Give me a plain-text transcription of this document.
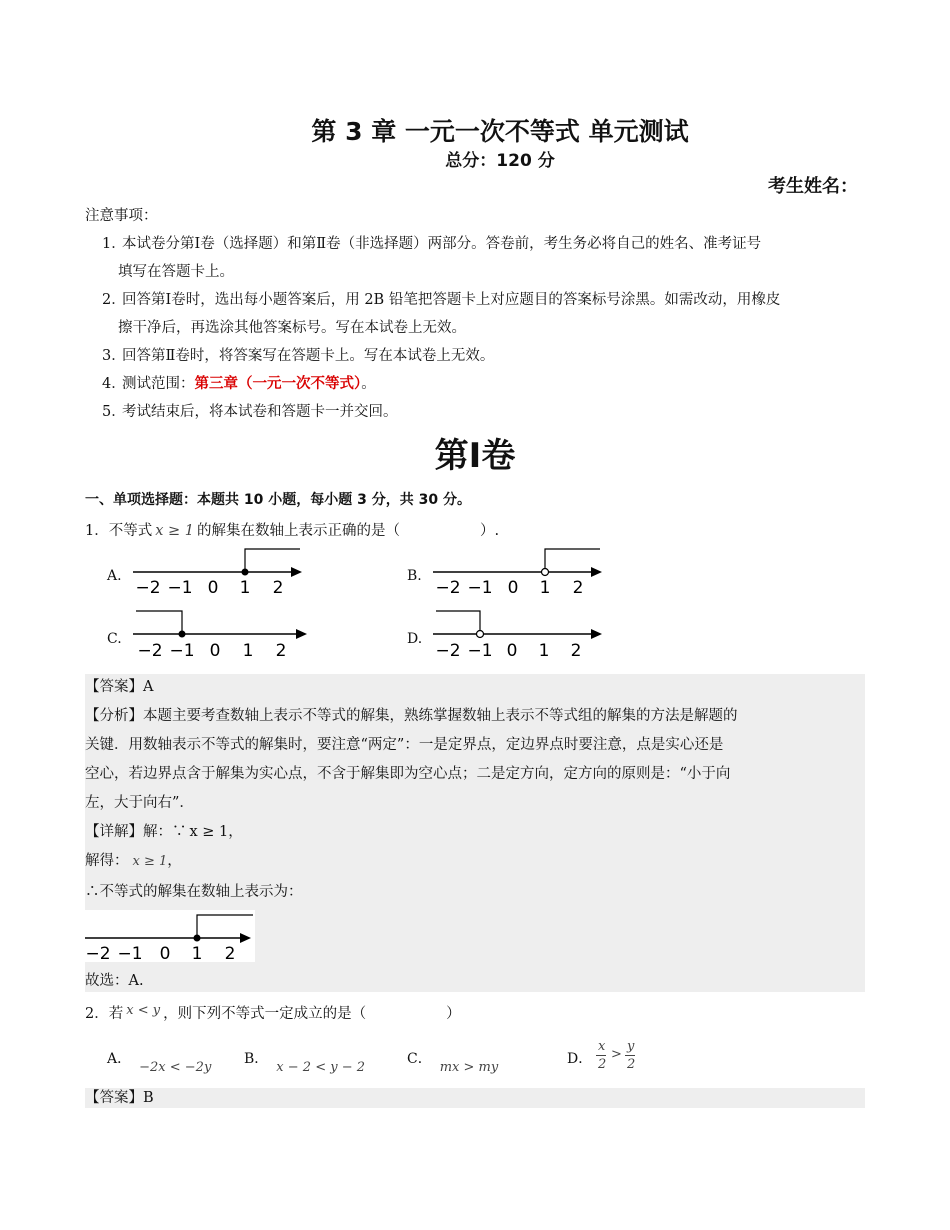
第 3 章 一元一次不等式 单元测试
总分：120 分
考生姓名：
注意事项：
1．本试卷分第Ⅰ卷（选择题）和第Ⅱ卷（非选择题）两部分。答卷前，考生务必将自己的姓名、准考证号
填写在答题卡上。
2．回答第Ⅰ卷时，选出每小题答案后，用 2B 铅笔把答题卡上对应题目的答案标号涂黑。如需改动，用橡皮
擦干净后，再选涂其他答案标号。写在本试卷上无效。
3．回答第Ⅱ卷时，将答案写在答题卡上。写在本试卷上无效。
4．测试范围：第三章（一元一次不等式）。
5．考试结束后，将本试卷和答题卡一并交回。
第Ⅰ卷
一、单项选择题：本题共 10 小题，每小题 3 分，共 30 分。
1．不等式 x ≥ 1 的解集在数轴上表示正确的是（	）.
A.
−2 −1 0 1 2
B.
−2 −1 0 1 2
C.
−2 −1 0 1 2
D.
−2 −1 0 1 2
【答案】A
【分析】本题主要考查数轴上表示不等式的解集，熟练掌握数轴上表示不等式组的解集的方法是解题的
关键．用数轴表示不等式的解集时，要注意“两定”：一是定界点，定边界点时要注意，点是实心还是
空心，若边界点含于解集为实心点，不含于解集即为空心点；二是定方向，定方向的原则是：“小于向
左，大于向右”．
【详解】解：∵ x ≥ 1，
解得： x ≥ 1，
∴不等式的解集在数轴上表示为：
−2 −1 0 1 2
故选：A.
2．若 x < y ，则下列不等式一定成立的是（	）
A．−2x < −2y
B．x − 2 < y − 2
C．mx > my
D．
x
2
>
y
2
【答案】B
